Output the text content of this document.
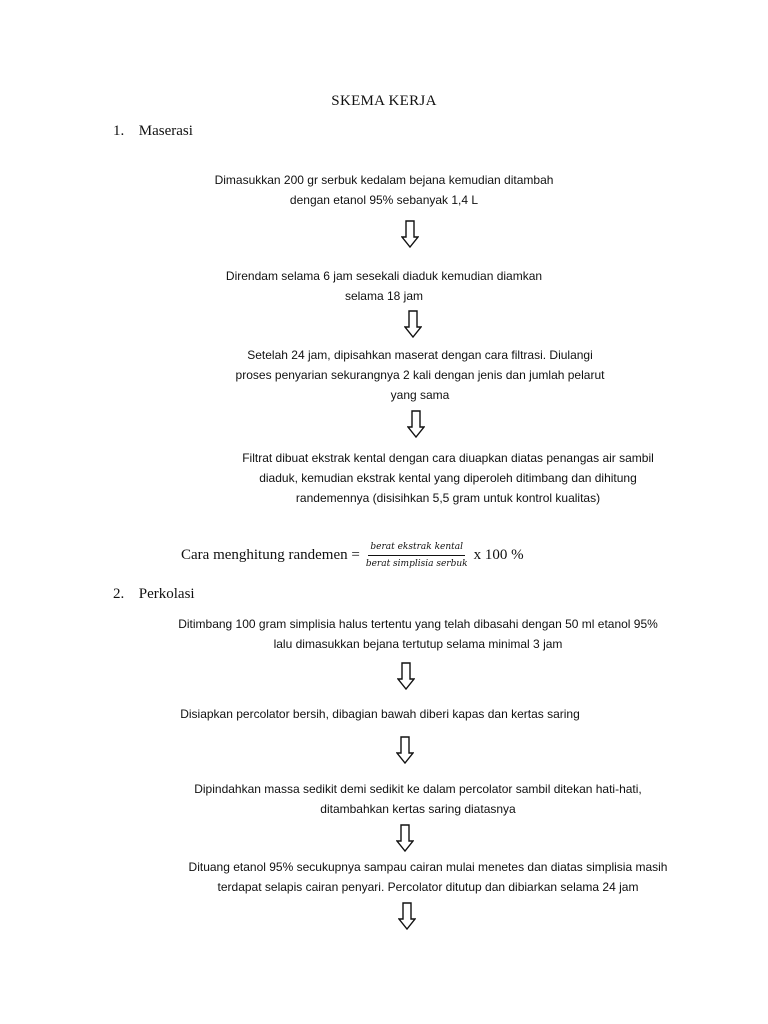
SKEMA KERJA
1. Maserasi
Dimasukkan 200 gr serbuk kedalam bejana kemudian ditambah
dengan etanol 95% sebanyak 1,4 L
Direndam selama 6 jam sesekali diaduk kemudian diamkan
selama 18 jam
Setelah 24 jam, dipisahkan maserat dengan cara filtrasi. Diulangi
proses penyarian sekurangnya 2 kali dengan jenis dan jumlah pelarut
yang sama
Filtrat dibuat ekstrak kental dengan cara diuapkan diatas penangas air sambil
diaduk, kemudian ekstrak kental yang diperoleh ditimbang dan dihitung
randemennya (disisihkan 5,5 gram untuk kontrol kualitas)
Cara menghitung randemen = $\frac{\text{berat ekstrak kental}}{\text{berat simplisia serbuk}}$ x 100 %
2. Perkolasi
Ditimbang 100 gram simplisia halus tertentu yang telah dibasahi dengan 50 ml etanol 95%
lalu dimasukkan bejana tertutup selama minimal 3 jam
Disiapkan percolator bersih, dibagian bawah diberi kapas dan kertas saring
Dipindahkan massa sedikit demi sedikit ke dalam percolator sambil ditekan hati-hati,
ditambahkan kertas saring diatasnya
Dituang etanol 95% secukupnya sampau cairan mulai menetes dan diatas simplisia masih
terdapat selapis cairan penyari. Percolator ditutup dan dibiarkan selama 24 jam
